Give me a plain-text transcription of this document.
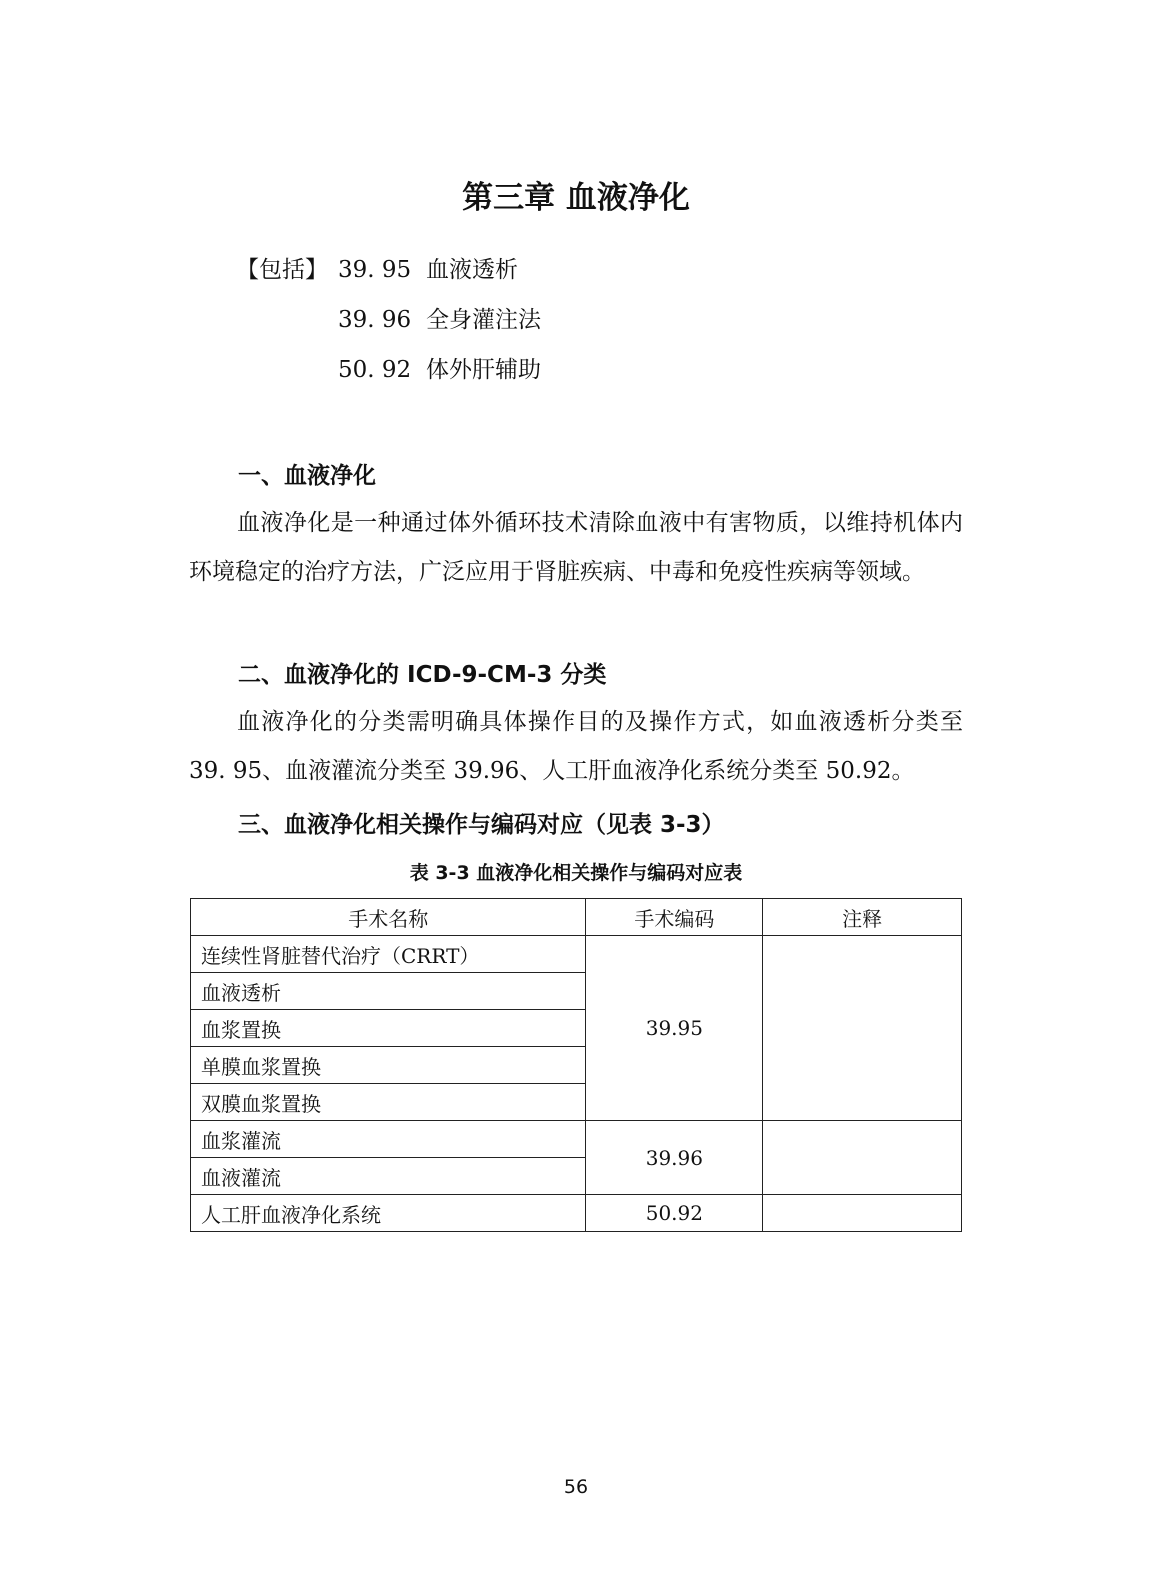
第三章 血液净化
【包括】 39. 95 血液透析
39. 96 全身灌注法
50. 92 体外肝辅助
一、血液净化
血液净化是一种通过体外循环技术清除血液中有害物质，以维持机体内环境稳定的治疗方法，广泛应用于肾脏疾病、中毒和免疫性疾病等领域。
二、血液净化的 ICD-9-CM-3 分类
血液净化的分类需明确具体操作目的及操作方式，如血液透析分类至 39. 95、血液灌流分类至 39.96、人工肝血液净化系统分类至 50.92。
三、血液净化相关操作与编码对应（见表 3-3）
表 3-3 血液净化相关操作与编码对应表
手术名称	手术编码	注释
连续性肾脏替代治疗（CRRT）	39.95	
血液透析		
血浆置换		
单膜血浆置换		
双膜血浆置换		
血浆灌流	39.96	
血液灌流		
人工肝血液净化系统	50.92	
56
